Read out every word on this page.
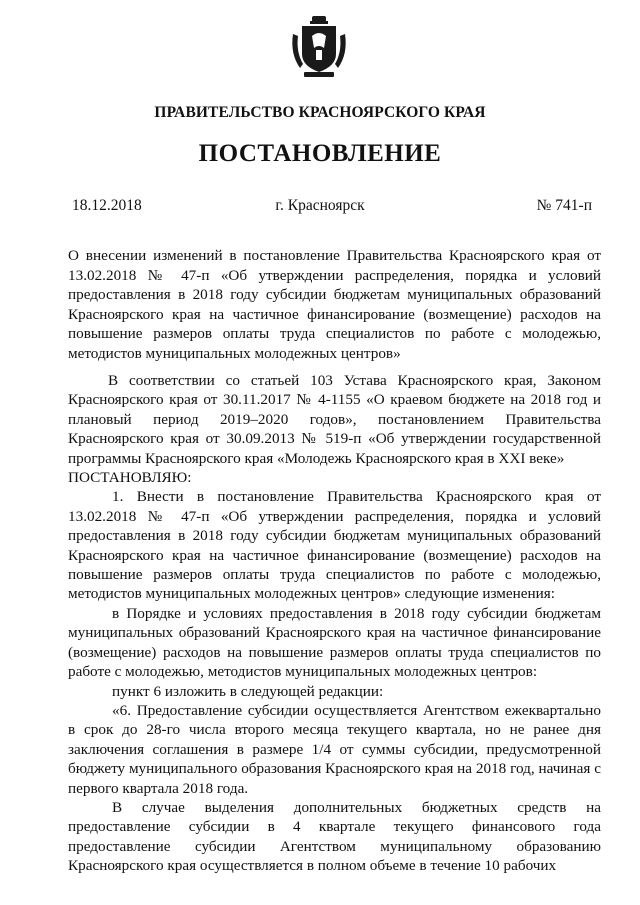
ПРАВИТЕЛЬСТВО КРАСНОЯРСКОГО КРАЯ
ПОСТАНОВЛЕНИЕ
18.12.2018	г. Красноярск	№ 741-п
О внесении изменений в постановление Правительства Красноярского края от 13.02.2018 № 47-п «Об утверждении распределения, порядка и условий предоставления в 2018 году субсидии бюджетам муниципальных образований Красноярского края на частичное финансирование (возмещение) расходов на повышение размеров оплаты труда специалистов по работе с молодежью, методистов муниципальных молодежных центров»

В соответствии со статьей 103 Устава Красноярского края, Законом Красноярского края от 30.11.2017 № 4-1155 «О краевом бюджете на 2018 год и плановый период 2019–2020 годов», постановлением Правительства Красноярского края от 30.09.2013 № 519-п «Об утверждении государственной программы Красноярского края «Молодежь Красноярского края в XXI веке»

ПОСТАНОВЛЯЮ:

1. Внести в постановление Правительства Красноярского края от 13.02.2018 № 47-п «Об утверждении распределения, порядка и условий предоставления в 2018 году субсидии бюджетам муниципальных образований Красноярского края на частичное финансирование (возмещение) расходов на повышение размеров оплаты труда специалистов по работе с молодежью, методистов муниципальных молодежных центров» следующие изменения:

в Порядке и условиях предоставления в 2018 году субсидии бюджетам муниципальных образований Красноярского края на частичное финансирование (возмещение) расходов на повышение размеров оплаты труда специалистов по работе с молодежью, методистов муниципальных молодежных центров:

пункт 6 изложить в следующей редакции:

«6. Предоставление субсидии осуществляется Агентством ежеквартально в срок до 28-го числа второго месяца текущего квартала, но не ранее дня заключения соглашения в размере 1/4 от суммы субсидии, предусмотренной бюджету муниципального образования Красноярского края на 2018 год, начиная с первого квартала 2018 года.

В случае выделения дополнительных бюджетных средств на предоставление субсидии в 4 квартале текущего финансового года предоставление субсидии Агентством муниципальному образованию Красноярского края осуществляется в полном объеме в течение 10 рабочих
